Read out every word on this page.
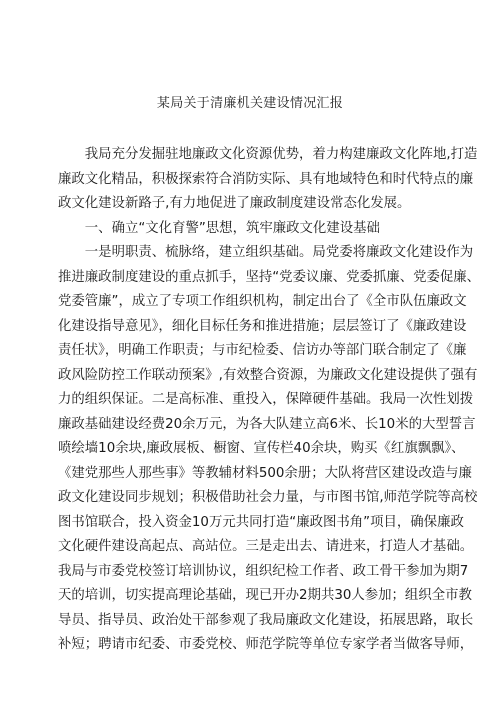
某局关于清廉机关建设情况汇报

我局充分发掘驻地廉政文化资源优势，着力构建廉政文化阵地,打造
廉政文化精品，积极探索符合消防实际、具有地域特色和时代特点的廉
政文化建设新路子,有力地促进了廉政制度建设常态化发展。

一、确立“文化育警”思想，筑牢廉政文化建设基础

一是明职责、梳脉络，建立组织基础。局党委将廉政文化建设作为
推进廉政制度建设的重点抓手，坚持“党委议廉、党委抓廉、党委促廉、
党委管廉”，成立了专项工作组织机构，制定出台了《全市队伍廉政文
化建设指导意见》，细化目标任务和推进措施；层层签订了《廉政建设
责任状》，明确工作职责；与市纪检委、信访办等部门联合制定了《廉
政风险防控工作联动预案》,有效整合资源，为廉政文化建设提供了强有
力的组织保证。二是高标准、重投入，保障硬件基础。我局一次性划拨
廉政基础建设经费20余万元，为各大队建立高6米、长10米的大型誓言
喷绘墙10余块,廉政展板、橱窗、宣传栏40余块，购买《红旗飘飘》、
《建党那些人那些事》等教辅材料500余册；大队将营区建设改造与廉
政文化建设同步规划；积极借助社会力量，与市图书馆,师范学院等高校
图书馆联合，投入资金10万元共同打造“廉政图书角”项目，确保廉政
文化硬件建设高起点、高站位。三是走出去、请进来，打造人才基础。
我局与市委党校签订培训协议，组织纪检工作者、政工骨干参加为期7
天的培训，切实提高理论基础，现已开办2期共30人参加；组织全市教
导员、指导员、政治处干部参观了我局廉政文化建设，拓展思路，取长
补短；聘请市纪委、市委党校、师范学院等单位专家学者当做客导师，
